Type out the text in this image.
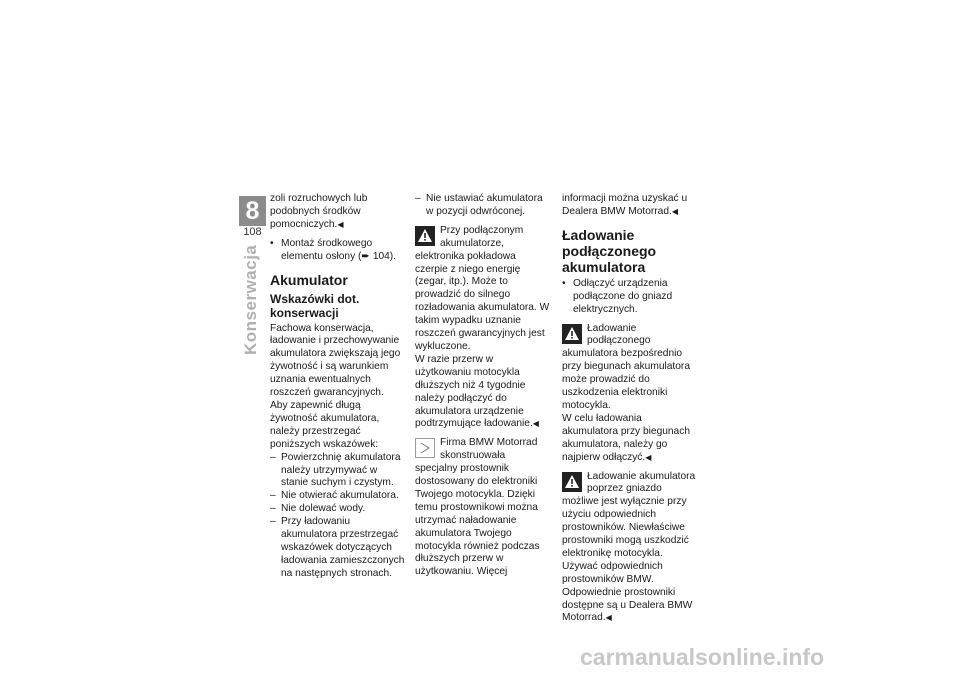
8
108
Konserwacja

zoli rozruchowych lub podobnych środków pomocniczych.◀

• Montaż środkowego elementu osłony (➨ 104).

Akumulator
Wskazówki dot. konserwacji

Fachowa konserwacja, ładowanie i przechowywanie akumulatora zwiększają jego żywotność i są warunkiem uznania ewentualnych roszczeń gwarancyjnych.

Aby zapewnić długą żywotność akumulatora, należy przestrzegać poniższych wskazówek:

– Powierzchnię akumulatora należy utrzymywać w stanie suchym i czystym.

– Nie otwierać akumulatora.

– Nie dolewać wody.

– Przy ładowaniu akumulatora przestrzegać wskazówek dotyczących ładowania zamieszczonych na następnych stronach.

– Nie ustawiać akumulatora w pozycji odwróconej.

Przy podłączonym akumulatorze, elektronika pokładowa czerpie z niego energię (zegar, itp.). Może to prowadzić do silnego rozładowania akumulatora. W takim wypadku uznanie roszczeń gwarancyjnych jest wykluczone.

W razie przerw w użytkowaniu motocykla dłuższych niż 4 tygodnie należy podłączyć do akumulatora urządzenie podtrzymujące ładowanie.◀

Firma BMW Motorrad skonstruowała specjalny prostownik dostosowany do elektroniki Twojego motocykla. Dzięki temu prostownikowi można utrzymać naładowanie akumulatora Twojego motocykla również podczas dłuższych przerw w użytkowaniu. Więcej

informacji można uzyskać u Dealera BMW Motorrad.◀

Ładowanie podłączonego akumulatora

• Odłączyć urządzenia podłączone do gniazd elektrycznych.

Ładowanie podłączonego akumulatora bezpośrednio przy biegunach akumulatora może prowadzić do uszkodzenia elektroniki motocykla.

W celu ładowania akumulatora przy biegunach akumulatora, należy go najpierw odłączyć.◀

Ładowanie akumulatora poprzez gniazdo możliwe jest wyłącznie przy użyciu odpowiednich prostowników. Niewłaściwe prostowniki mogą uszkodzić elektronikę motocykla.

Używać odpowiednich prostowników BMW. Odpowiednie prostowniki dostępne są u Dealera BMW Motorrad.◀

carmanualsonline.info
